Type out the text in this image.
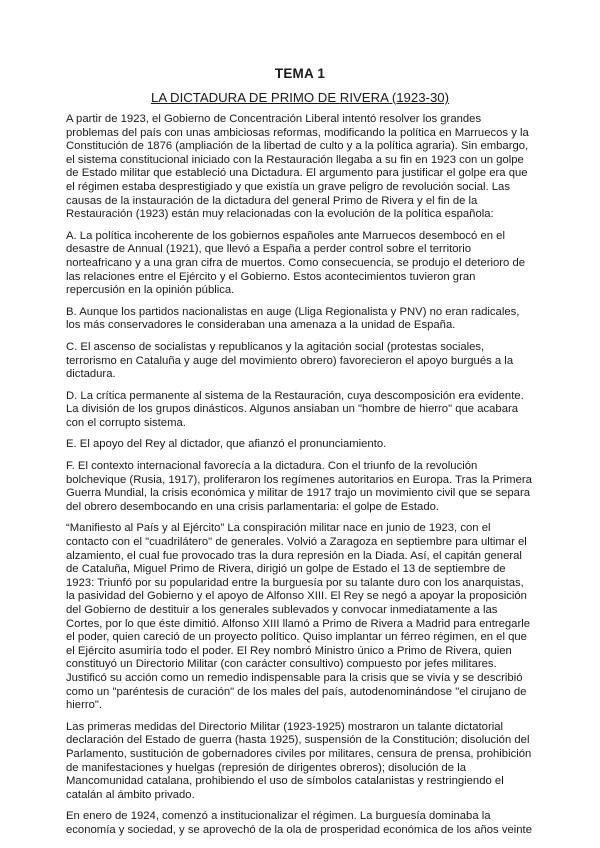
TEMA 1
LA DICTADURA DE PRIMO DE RIVERA (1923-30)

A partir de 1923, el Gobierno de Concentración Liberal intentó resolver los grandes problemas del país con unas ambiciosas reformas, modificando la política en Marruecos y la Constitución de 1876 (ampliación de la libertad de culto y a la política agraria). Sin embargo, el sistema constitucional iniciado con la Restauración llegaba a su fin en 1923 con un golpe de Estado militar que estableció una Dictadura. El argumento para justificar el golpe era que el régimen estaba desprestigiado y que existía un grave peligro de revolución social. Las causas de la instauración de la dictadura del general Primo de Rivera y el fin de la Restauración (1923) están muy relacionadas con la evolución de la política española:

A. La política incoherente de los gobiernos españoles ante Marruecos desembocó en el desastre de Annual (1921), que llevó a España a perder control sobre el territorio norteafricano y a una gran cifra de muertos. Como consecuencia, se produjo el deterioro de las relaciones entre el Ejército y el Gobierno. Estos acontecimientos tuvieron gran repercusión en la opinión pública.

B. Aunque los partidos nacionalistas en auge (Lliga Regionalista y PNV) no eran radicales, los más conservadores le consideraban una amenaza a la unidad de España.

C. El ascenso de socialistas y republicanos y la agitación social (protestas sociales, terrorismo en Cataluña y auge del movimiento obrero) favorecieron el apoyo burgués a la dictadura.

D. La crítica permanente al sistema de la Restauración, cuya descomposición era evidente. La división de los grupos dinásticos. Algunos ansiaban un "hombre de hierro" que acabara con el corrupto sistema.

E. El apoyo del Rey al dictador, que afianzó el pronunciamiento.

F. El contexto internacional favorecía a la dictadura. Con el triunfo de la revolución bolchevique (Rusia, 1917), proliferaron los regímenes autoritarios en Europa. Tras la Primera Guerra Mundial, la crisis económica y militar de 1917 trajo un movimiento civil que se separa del obrero desembocando en una crisis parlamentaria: el golpe de Estado.

“Manifiesto al País y al Ejército” La conspiración militar nace en junio de 1923, con el contacto con el "cuadrilátero" de generales. Volvió a Zaragoza en septiembre para ultimar el alzamiento, el cual fue provocado tras la dura represión en la Diada. Así, el capitán general de Cataluña, Miguel Primo de Rivera, dirigió un golpe de Estado el 13 de septiembre de 1923: Triunfó por su popularidad entre la burguesía por su talante duro con los anarquistas, la pasividad del Gobierno y el apoyo de Alfonso XIII. El Rey se negó a apoyar la proposición del Gobierno de destituir a los generales sublevados y convocar inmediatamente a las Cortes, por lo que éste dimitió. Alfonso XIII llamó a Primo de Rivera a Madrid para entregarle el poder, quien careció de un proyecto político. Quiso implantar un férreo régimen, en el que el Ejército asumiría todo el poder. El Rey nombró Ministro único a Primo de Rivera, quien constituyó un Directorio Militar (con carácter consultivo) compuesto por jefes militares. Justificó su acción como un remedio indispensable para la crisis que se vivía y se describió como un "paréntesis de curación" de los males del país, autodenominándose "el cirujano de hierro".

Las primeras medidas del Directorio Militar (1923-1925) mostraron un talante dictatorial declaración del Estado de guerra (hasta 1925), suspensión de la Constitución; disolución del Parlamento, sustitución de gobernadores civiles por militares, censura de prensa, prohibición de manifestaciones y huelgas (represión de dirigentes obreros); disolución de la Mancomunidad catalana, prohibiendo el uso de símbolos catalanistas y restringiendo el catalán al ámbito privado.

En enero de 1924, comenzó a institucionalizar el régimen. La burguesía dominaba la economía y sociedad, y se aprovechó de la ola de prosperidad económica de los años veinte
